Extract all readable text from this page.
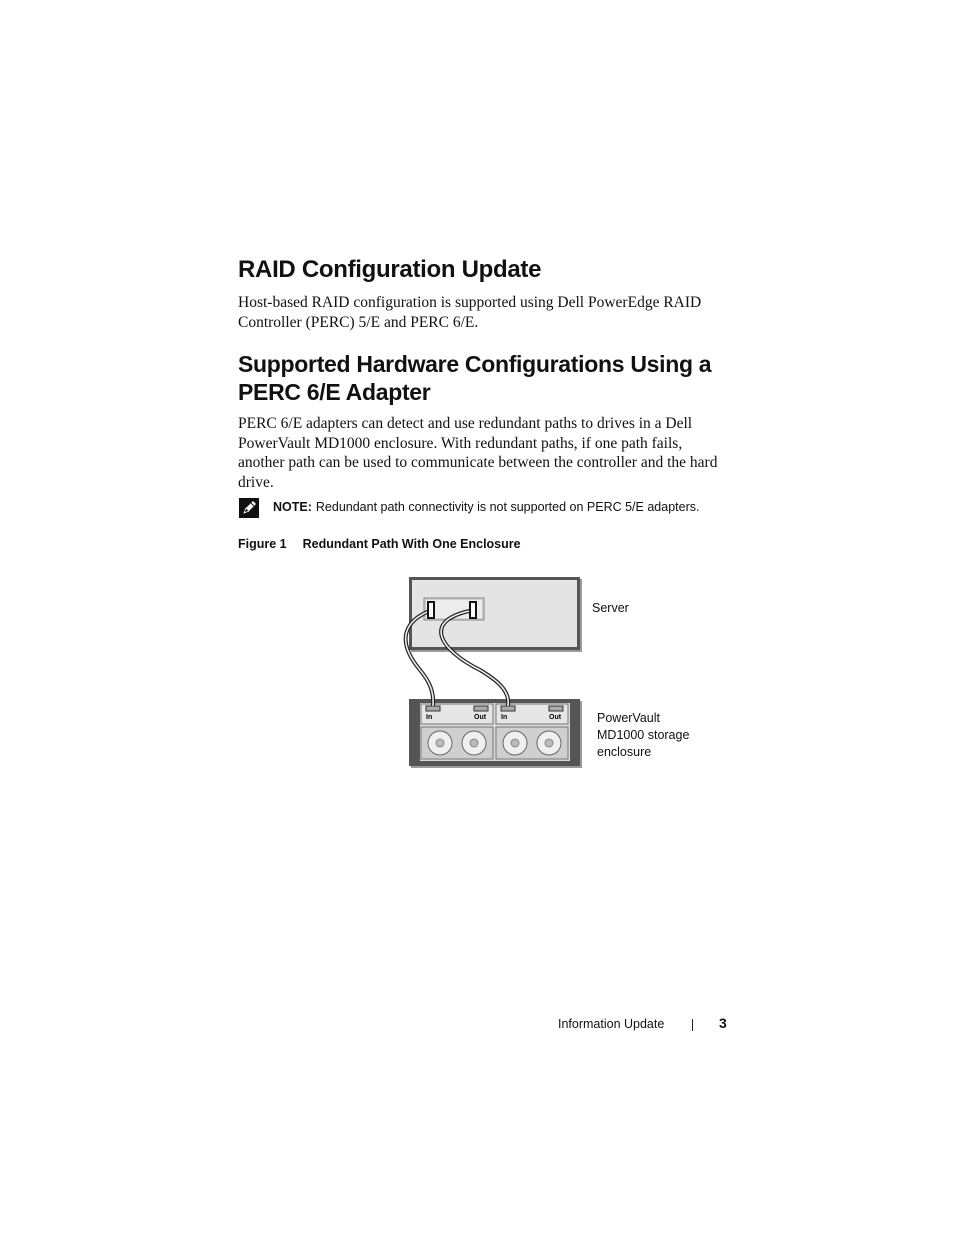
RAID Configuration Update

Host-based RAID configuration is supported using Dell PowerEdge RAID Controller (PERC) 5/E and PERC 6/E.

Supported Hardware Configurations Using a PERC 6/E Adapter

PERC 6/E adapters can detect and use redundant paths to drives in a Dell PowerVault MD1000 enclosure. With redundant paths, if one path fails, another path can be used to communicate between the controller and the hard drive.

NOTE: Redundant path connectivity is not supported on PERC 5/E adapters.
Figure 1 Redundant Path With One Enclosure
In	Out In	Out
Server
PowerVault MD1000 storage enclosure
Information Update	3
